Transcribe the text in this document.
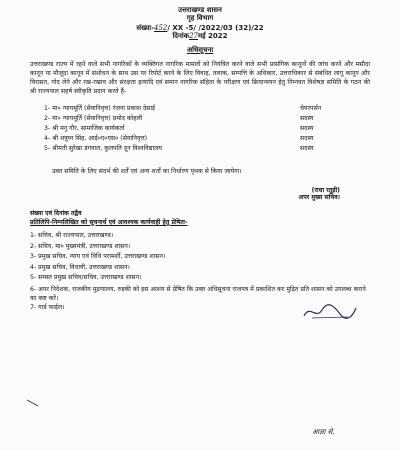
उत्तराखण्ड शासन
गृह विभाग
संख्या-452/ XX -5/ /2022/03 (32)/22
दिनांक27मई 2022
अधिसूचना
उत्तराखण्ड राज्य में रहने वाले सभी नागरिकों के व्यक्तिगत नागरिक मामलों को नियंत्रित करने वाले सभी प्रासंगिक कानूनों की जांच करने और मसौदा कानून या मौजूदा कानून में संशोधन के साथ उस पर रिपोर्ट करने के लिए विवाह, तलाक, सम्पत्ति के अधिकार, उत्तराधिकार से संबंधित लागू कानून और विरासत, गोद लेने और रख-रखाव और संरक्षता इत्यादि एवं समान नागरिक संहिता के परीक्षण एवं क्रियान्वयन हेतु निम्नवत विशेषज्ञ समिति के गठन की श्री राज्यपाल सहर्ष स्वीकृति प्रदान करते हैं-
1- मा० न्यायमूर्ति (सेवानिवृत्त) रंजना प्रकाश देसाई	चेयरपर्सन
2- मा० न्यायमूर्ति (सेवानिवृत्त) प्रमोद कोहली	सदस्य
3- श्री मनु गौर, सामाजिक कार्यकर्ता	सदस्य
4- श्री शत्रुघ्न सिंह, आई०ए०एस० (सेवानिवृत्त)	सदस्य
5- श्रीमती सुरेखा डंगवाल, कुलपति दून विश्वविद्यालय	सदस्य
उक्त समिति के लिए संदर्भ की शर्तें एवं अन्य शर्तों का निर्धारण पृथक से किया जायेगा।
(राधा रतूड़ी)
अपर मुख्य सचिव।
संख्या एवं दिनांक तद्वैव
प्रतिलिपि-निम्नलिखित को सूचनार्थ एवं आवश्यक कार्यवाही हेतु प्रेषितः-
1- सचिव, श्री राज्यपाल, उत्तराखण्ड।
2- सचिव, मा० मुख्यमंत्री, उत्तराखण्ड शासन।
3- प्रमुख सचिव, न्याय एवं विधि परामर्शी, उत्तराखण्ड शासन।
4- प्रमुख सचिव, विधायी, उत्तराखण्ड शासन।
5- समस्त प्रमुख सचिव/सचिव, उत्तराखण्ड शासन।
6- अपर निदेशक, राजकीय मुद्रणालय, रुड़की को इस आशय से प्रेषित कि उक्त अधिसूचना राजपत्र में प्रकाशित कर मुद्रित प्रति शासन को उपलब्ध कराने का कष्ट करें।
7- गार्ड फाईल।
आज्ञा से,
